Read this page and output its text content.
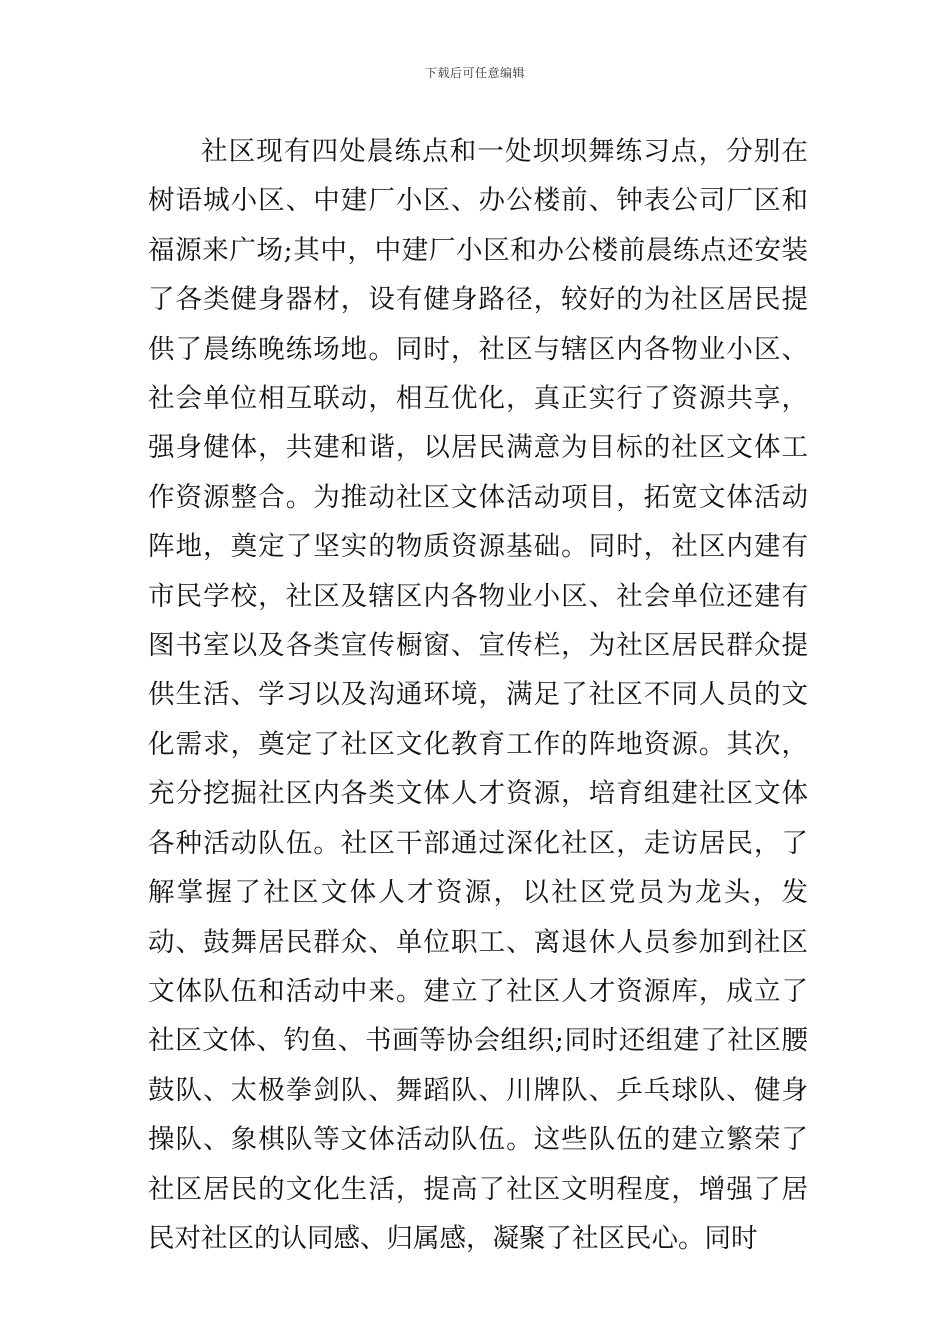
下载后可任意编辑

社区现有四处晨练点和一处坝坝舞练习点，分别在树语城小区、中建厂小区、办公楼前、钟表公司厂区和福源来广场;其中，中建厂小区和办公楼前晨练点还安装了各类健身器材，设有健身路径，较好的为社区居民提供了晨练晚练场地。同时，社区与辖区内各物业小区、社会单位相互联动，相互优化，真正实行了资源共享，强身健体，共建和谐，以居民满意为目标的社区文体工作资源整合。为推动社区文体活动项目，拓宽文体活动阵地，奠定了坚实的物质资源基础。同时，社区内建有市民学校，社区及辖区内各物业小区、社会单位还建有图书室以及各类宣传橱窗、宣传栏，为社区居民群众提供生活、学习以及沟通环境，满足了社区不同人员的文化需求，奠定了社区文化教育工作的阵地资源。其次，充分挖掘社区内各类文体人才资源，培育组建社区文体各种活动队伍。社区干部通过深化社区，走访居民，了解掌握了社区文体人才资源，以社区党员为龙头，发动、鼓舞居民群众、单位职工、离退休人员参加到社区文体队伍和活动中来。建立了社区人才资源库，成立了社区文体、钓鱼、书画等协会组织;同时还组建了社区腰鼓队、太极拳剑队、舞蹈队、川牌队、乒乓球队、健身操队、象棋队等文体活动队伍。这些队伍的建立繁荣了社区居民的文化生活，提高了社区文明程度，增强了居民对社区的认同感、归属感，凝聚了社区民心。同时
